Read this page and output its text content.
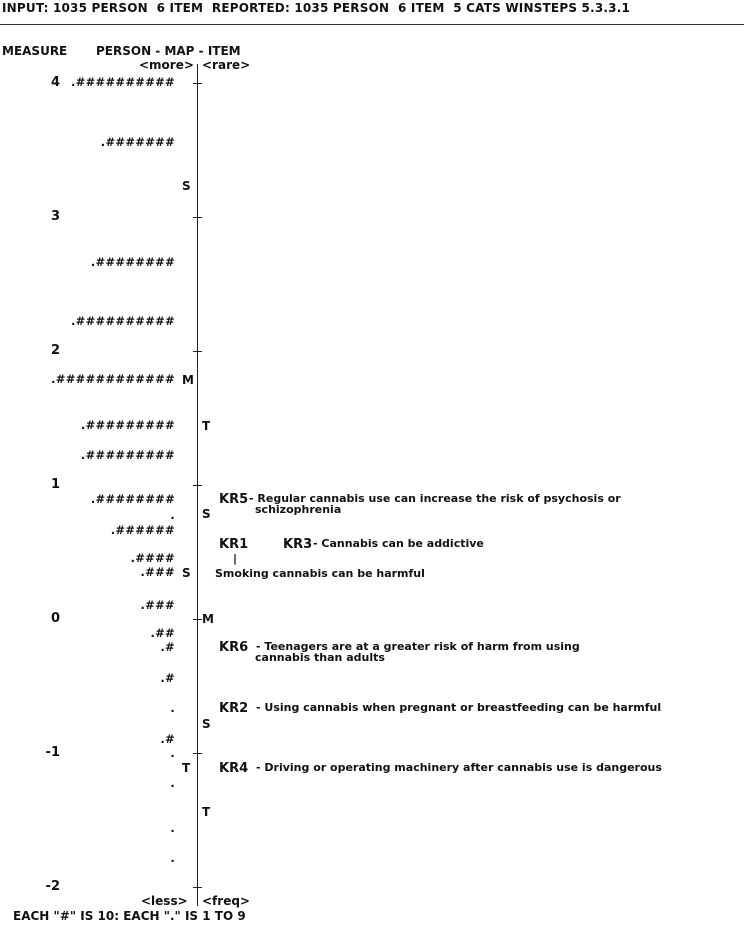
INPUT: 1035 PERSON  6 ITEM  REPORTED: 1035 PERSON  6 ITEM  5 CATS WINSTEPS 5.3.3.1
MEASURE PERSON - MAP - ITEM
<more> <rare>
<less> <freq>
EACH "#" IS 10: EACH "." IS 1 TO 9
4
3
2
1
0
-1
-2
.##########
.#######
.########
.##########
.############
.#########
.#########
.########
.
.######
.####
.###
.###
.##
.#
.#
.
.#
.
.
.
.
S
M
S
T
T
S
M
S
T
KR5 - Regular cannabis use can increase the risk of psychosis or
schizophrenia
KR1
|
Smoking cannabis can be harmful
KR3 - Cannabis can be addictive
KR6 - Teenagers are at a greater risk of harm from using
cannabis than adults
KR2 - Using cannabis when pregnant or breastfeeding can be harmful
KR4 - Driving or operating machinery after cannabis use is dangerous
